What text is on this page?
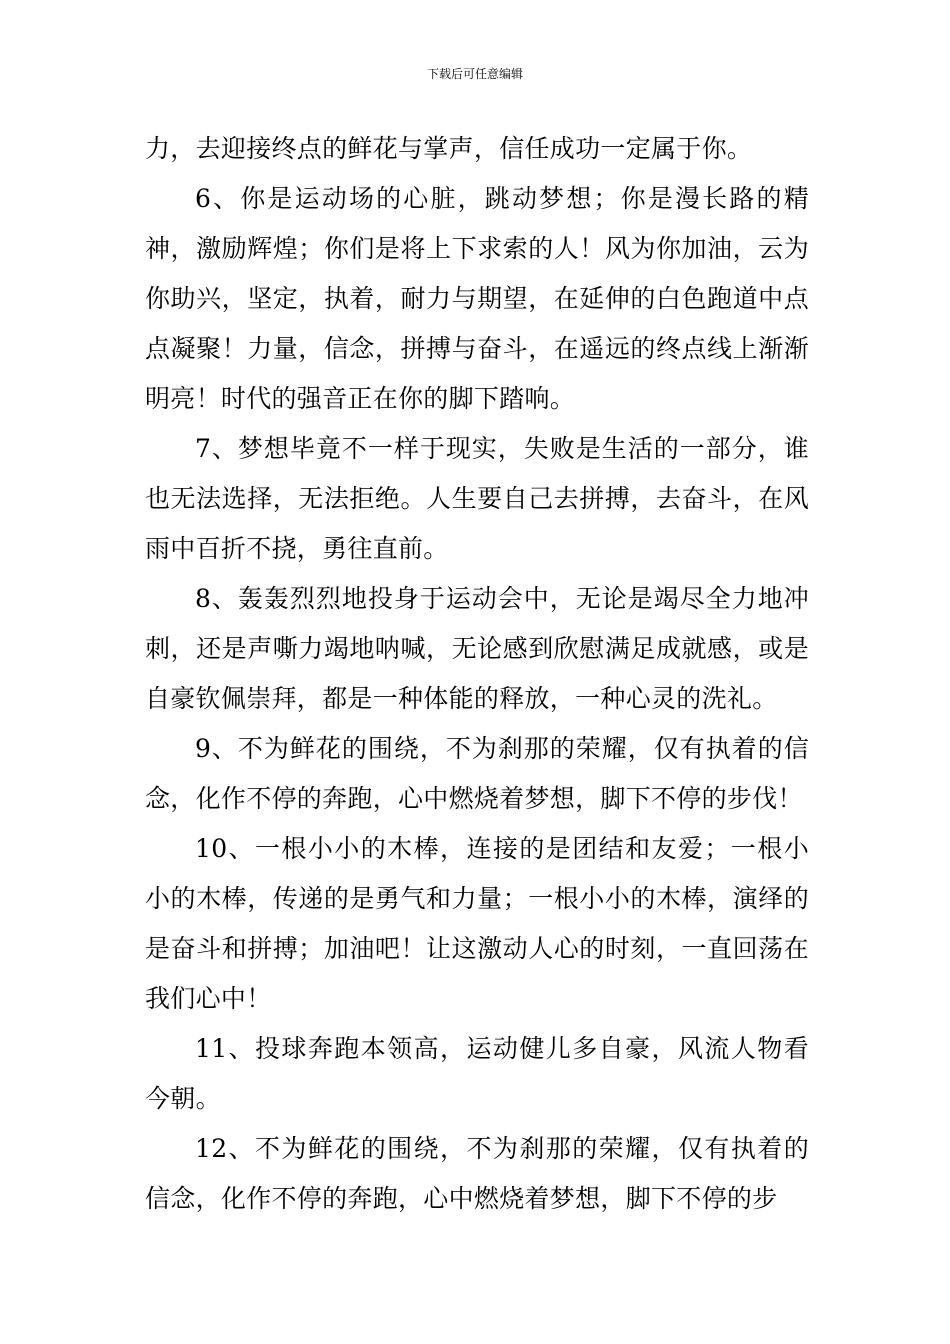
下载后可任意编辑

力，去迎接终点的鲜花与掌声，信任成功一定属于你。

6、你是运动场的心脏，跳动梦想；你是漫长路的精神，激励辉煌；你们是将上下求索的人！风为你加油，云为你助兴，坚定，执着，耐力与期望，在延伸的白色跑道中点点凝聚！力量，信念，拼搏与奋斗，在遥远的终点线上渐渐明亮！时代的强音正在你的脚下踏响。

7、梦想毕竟不一样于现实，失败是生活的一部分，谁也无法选择，无法拒绝。人生要自己去拼搏，去奋斗，在风雨中百折不挠，勇往直前。

8、轰轰烈烈地投身于运动会中，无论是竭尽全力地冲刺，还是声嘶力竭地呐喊，无论感到欣慰满足成就感，或是自豪钦佩崇拜，都是一种体能的释放，一种心灵的洗礼。

9、不为鲜花的围绕，不为刹那的荣耀，仅有执着的信念，化作不停的奔跑，心中燃烧着梦想，脚下不停的步伐！

10、一根小小的木棒，连接的是团结和友爱；一根小小的木棒，传递的是勇气和力量；一根小小的木棒，演绎的是奋斗和拼搏；加油吧！让这激动人心的时刻，一直回荡在我们心中！

11、投球奔跑本领高，运动健儿多自豪，风流人物看今朝。

12、不为鲜花的围绕，不为刹那的荣耀，仅有执着的信念，化作不停的奔跑，心中燃烧着梦想，脚下不停的步
